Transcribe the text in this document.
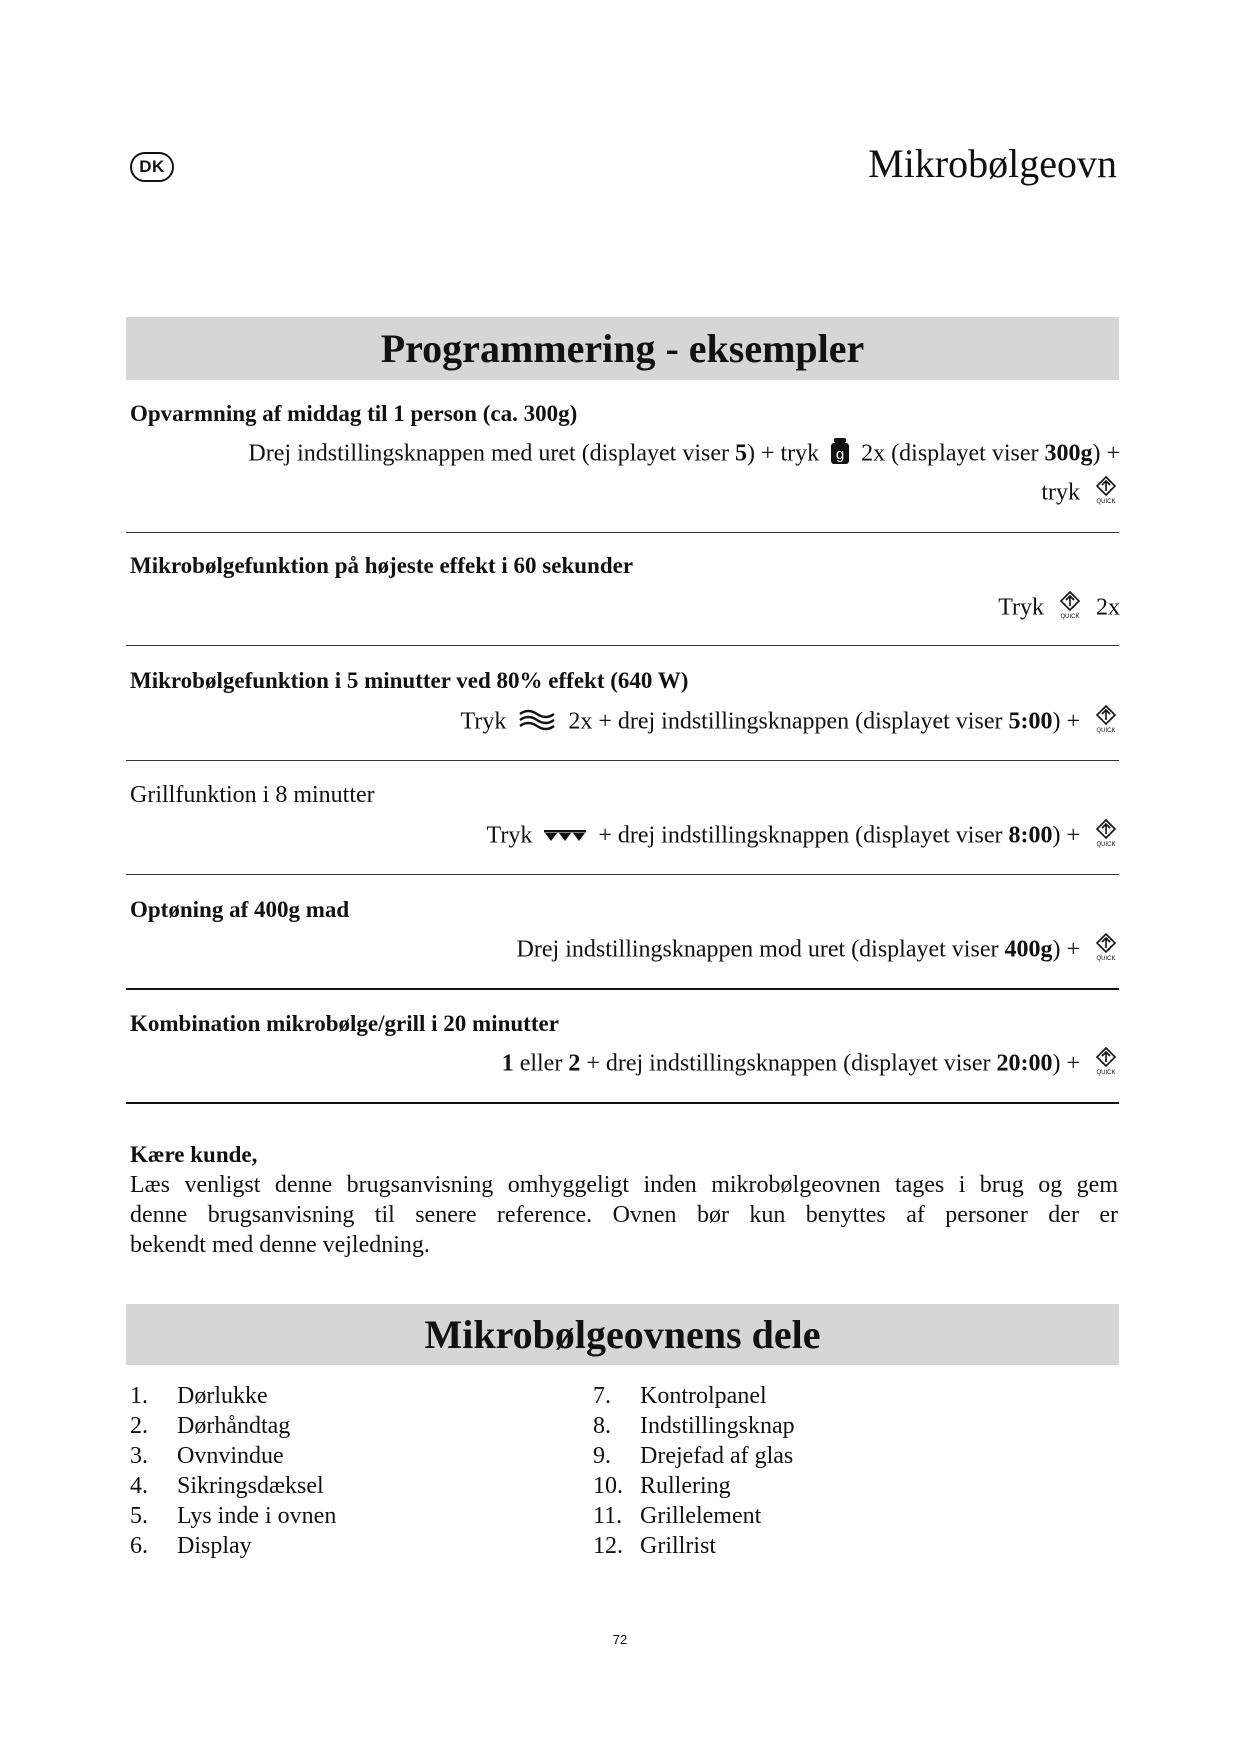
DK	Mikrobølgeovn
Programmering - eksempler
Opvarmning af middag til 1 person (ca. 300g)
Drej indstillingsknappen med uret (displayet viser 5) + tryk g 2x (displayet viser 300g) +
tryk	QUICK
Mikrobølgefunktion på højeste effekt i 60 sekunder
Tryk	QUICK 2x
Mikrobølgefunktion i 5 minutter ved 80% effekt (640 W)
Tryk	2x + drej indstillingsknappen (displayet viser 5:00) +	QUICK
Grillfunktion i 8 minutter
Tryk	+ drej indstillingsknappen (displayet viser 8:00) +	QUICK
Optøning af 400g mad
Drej indstillingsknappen mod uret (displayet viser 400g) +	QUICK
Kombination mikrobølge/grill i 20 minutter
1 eller 2 + drej indstillingsknappen (displayet viser 20:00) +	QUICK
Kære kunde,
Læs venligst denne brugsanvisning omhyggeligt inden mikrobølgeovnen tages i brug og gem
denne brugsanvisning til senere reference. Ovnen bør kun benyttes af personer der er
bekendt med denne vejledning.
Mikrobølgeovnens dele
1.	Dørlukke
2.	Dørhåndtag
3.	Ovnvindue
4.	Sikringsdæksel
5.	Lys inde i ovnen
6.	Display
7.	Kontrolpanel
8.	Indstillingsknap
9.	Drejefad af glas
10. Rullering
11. Grillelement
12. Grillrist
72
